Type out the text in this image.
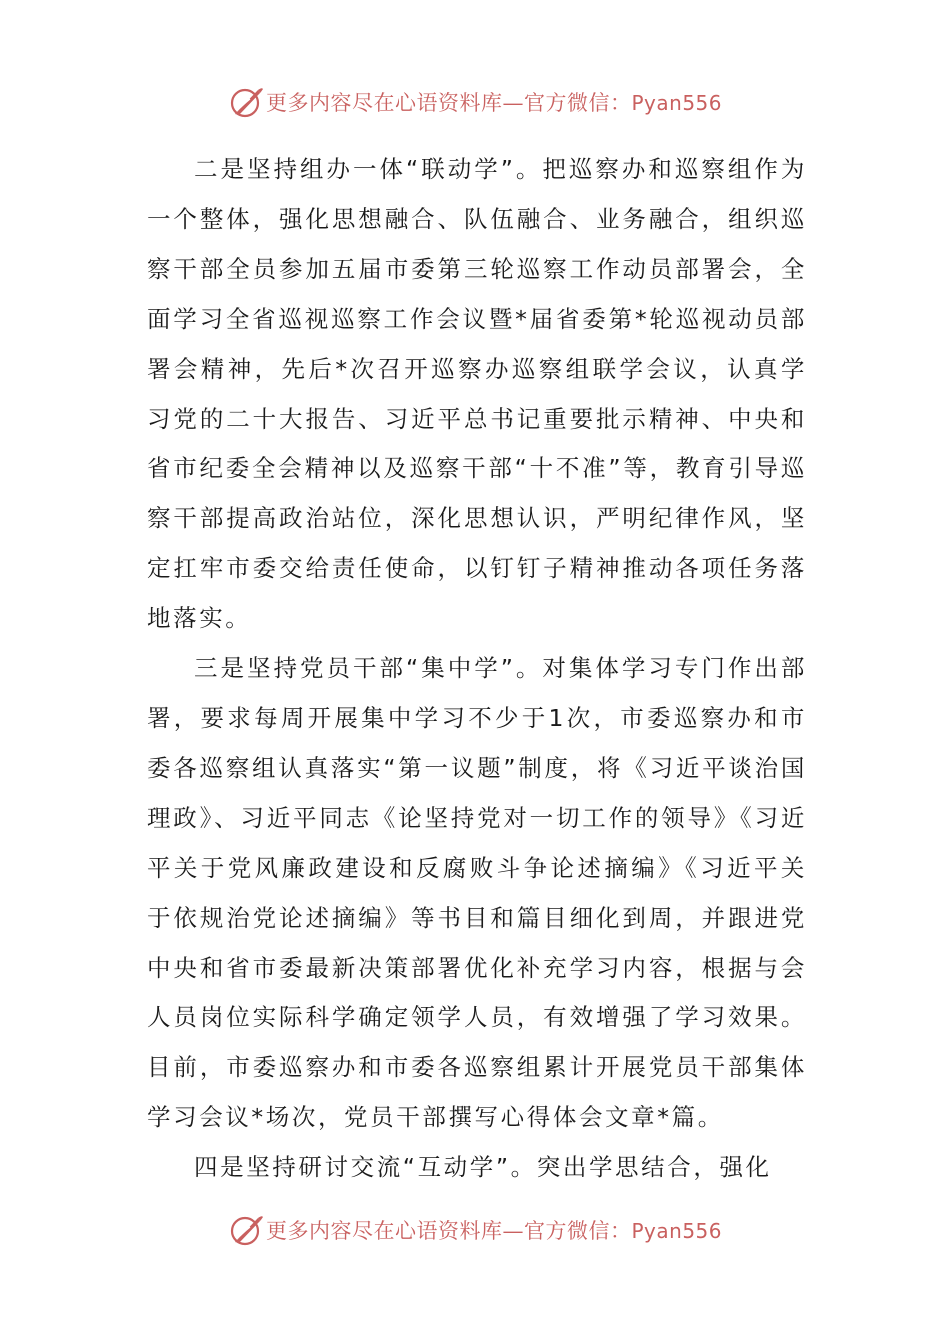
更多内容尽在心语资料库—官方微信：Pyan556

二是坚持组办一体“联动学”。把巡察办和巡察组作为一个整体，强化思想融合、队伍融合、业务融合，组织巡察干部全员参加五届市委第三轮巡察工作动员部署会，全面学习全省巡视巡察工作会议暨*届省委第*轮巡视动员部署会精神，先后*次召开巡察办巡察组联学会议，认真学习党的二十大报告、习近平总书记重要批示精神、中央和省市纪委全会精神以及巡察干部“十不准”等，教育引导巡察干部提高政治站位，深化思想认识，严明纪律作风，坚定扛牢市委交给责任使命，以钉钉子精神推动各项任务落地落实。

三是坚持党员干部“集中学”。对集体学习专门作出部署，要求每周开展集中学习不少于1次，市委巡察办和市委各巡察组认真落实“第一议题”制度，将《习近平谈治国理政》、习近平同志《论坚持党对一切工作的领导》《习近平关于党风廉政建设和反腐败斗争论述摘编》《习近平关于依规治党论述摘编》等书目和篇目细化到周，并跟进党中央和省市委最新决策部署优化补充学习内容，根据与会人员岗位实际科学确定领学人员，有效增强了学习效果。目前，市委巡察办和市委各巡察组累计开展党员干部集体学习会议*场次，党员干部撰写心得体会文章*篇。

四是坚持研讨交流“互动学”。突出学思结合，强化

更多内容尽在心语资料库—官方微信：Pyan556
